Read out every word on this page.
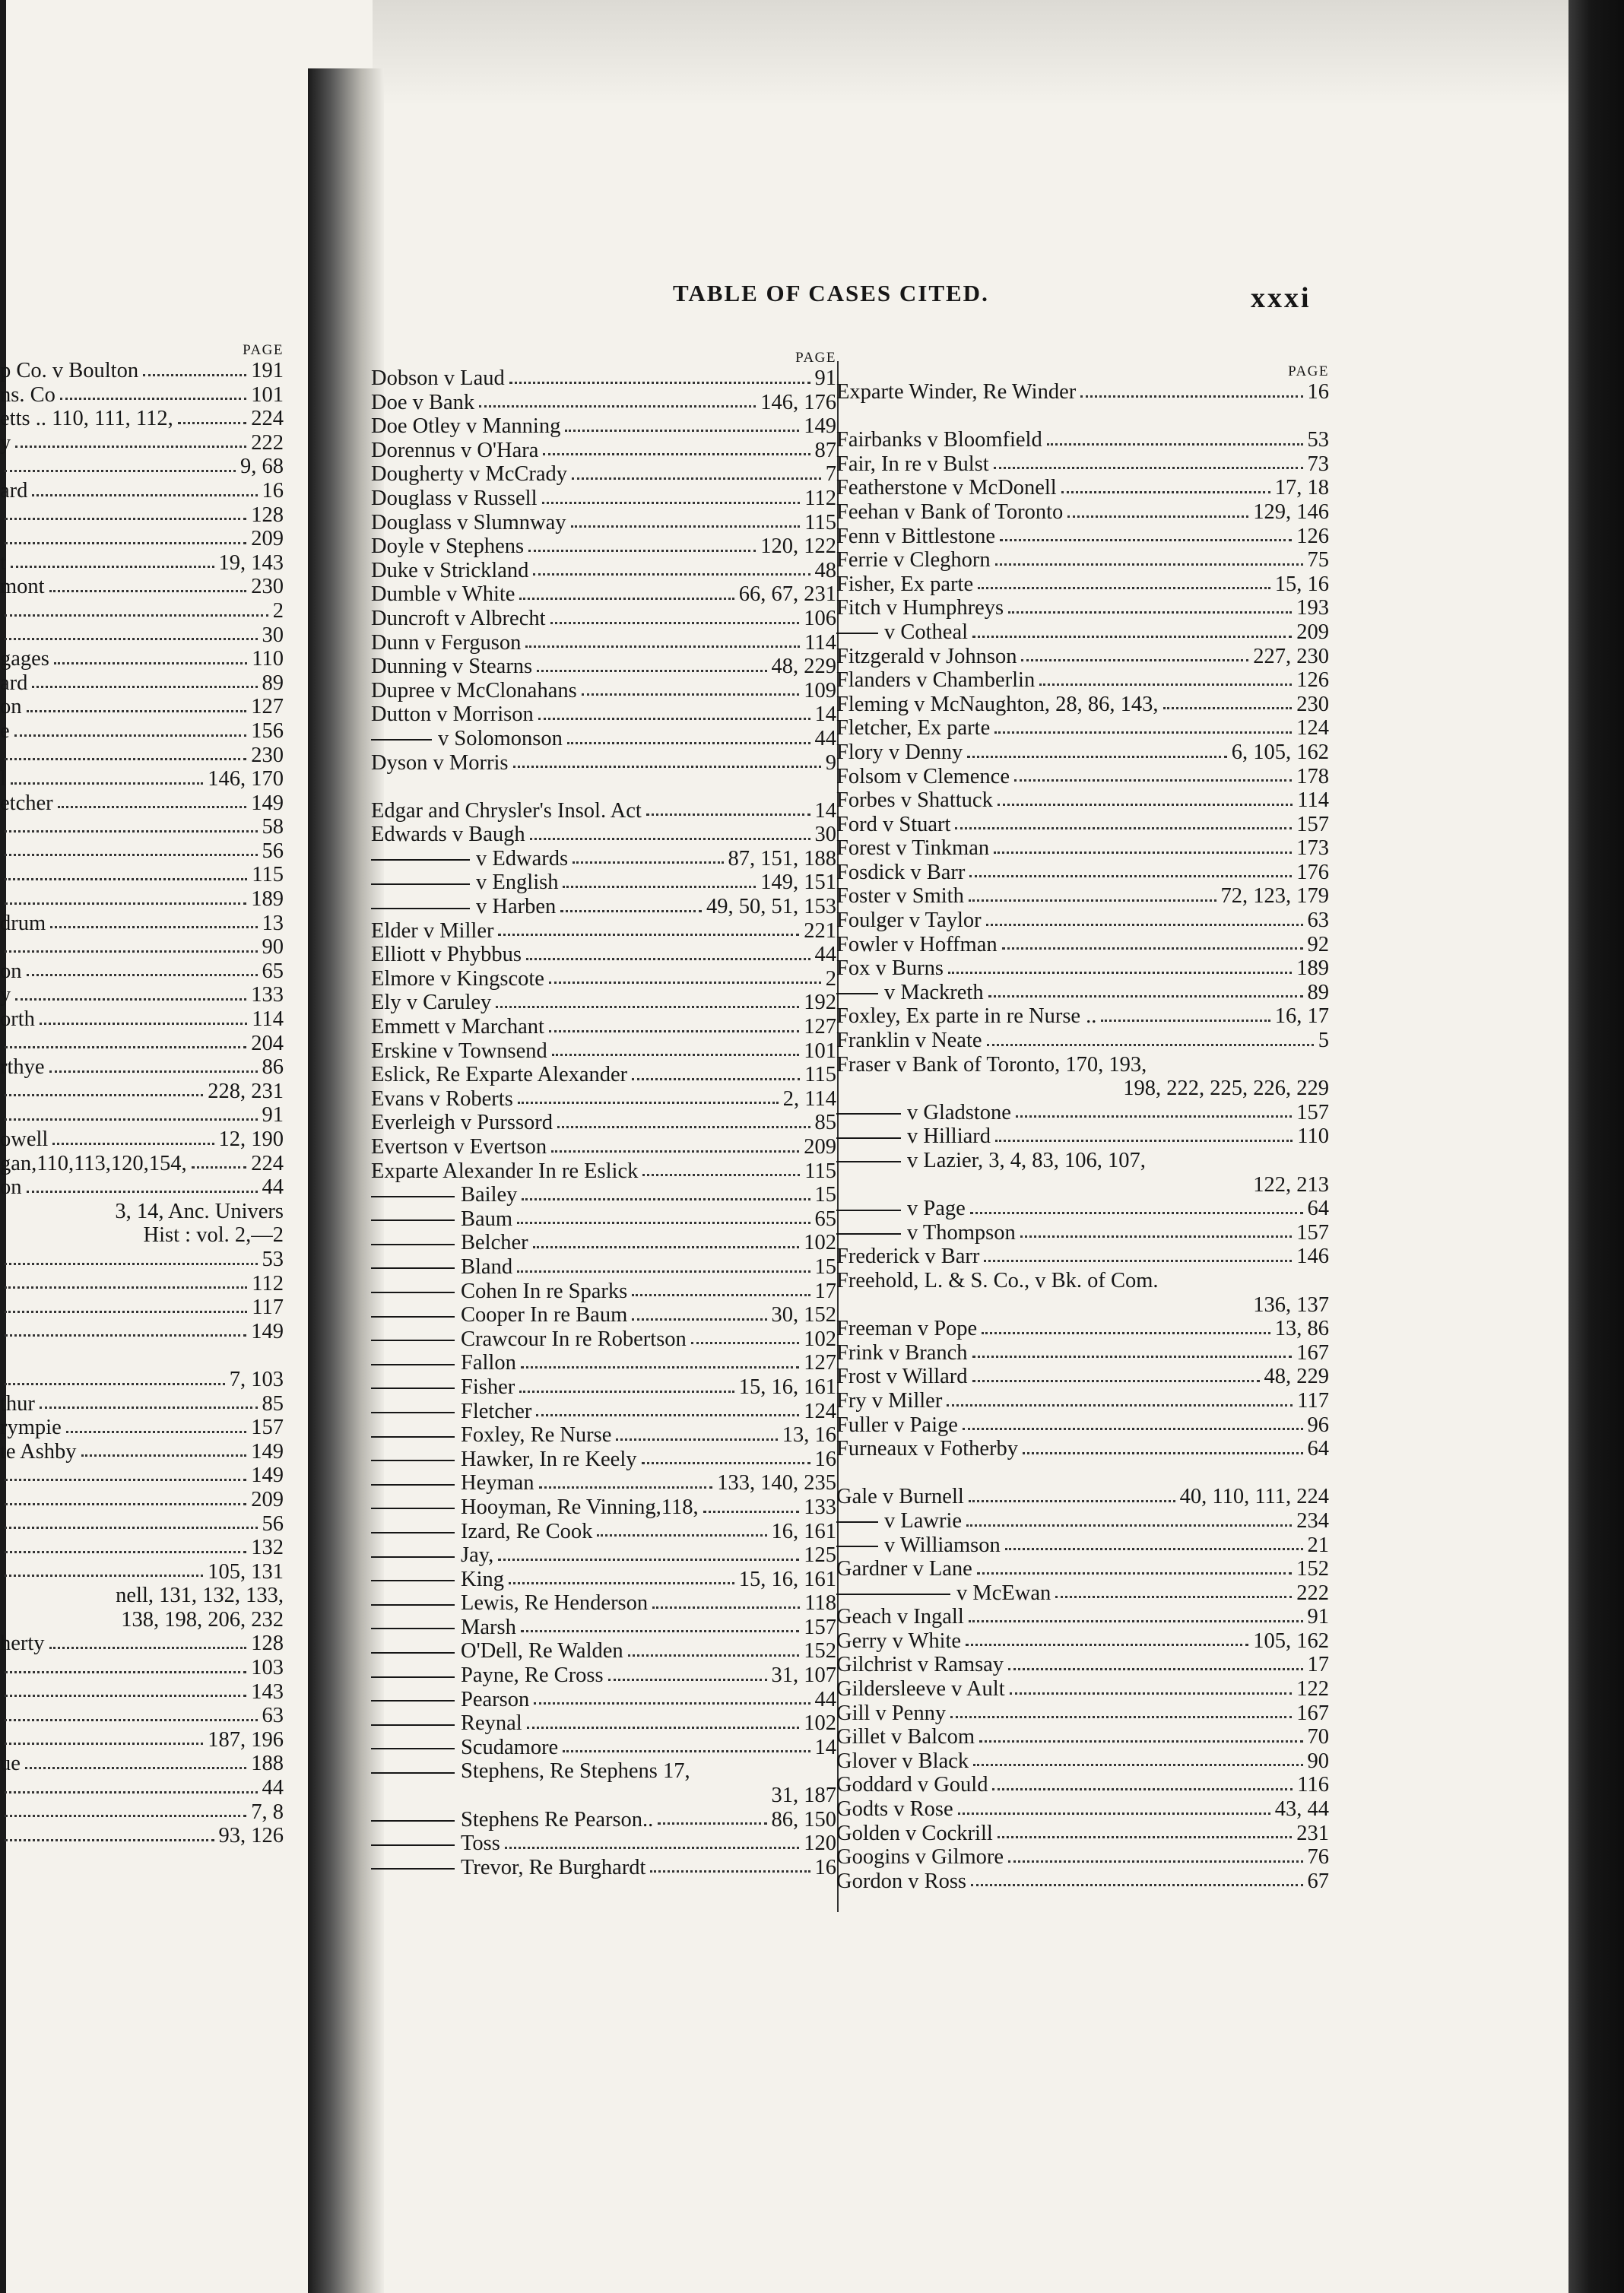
TABLE OF CASES CITED.	xxxi
PAGE
p Co. v Boulton	191
ns. Co	101
etts .. 110, 111, 112,	224
y	222
9, 68
ard	16
128
209
t	19, 143
mont	230
2
30
gages	110
ard	89
on	127
e	156
230
l	146, 170
etcher	149
58
56
115
189
drum	13
90
on	65
y	133
orth	114
204
rthye	86
228, 231
91
owell	12, 190
gan,110,113,120,154,	224
on	44
3, 14, Anc. Univers
Hist : vol. 2,—2
53
112
117
149
7, 103
thur	85
rympie	157
te Ashby	149
149
209
56
132
105, 131
nell, 131, 132, 133,
138, 198, 206, 232
herty	128
103
143
63
187, 196
ue	188
44
7, 8
93, 126
PAGE
Dobson v Laud	91
Doe v Bank	146, 176
Doe Otley v Manning	149
Dorennus v O'Hara	87
Dougherty v McCrady	7
Douglass v Russell	112
Douglass v Slumnway	115
Doyle v Stephens	120, 122
Duke v Strickland	48
Dumble v White	66, 67, 231
Duncroft v Albrecht	106
Dunn v Ferguson	114
Dunning v Stearns	48, 229
Dupree v McClonahans	109
Dutton v Morrison	14
v Solomonson	44
Dyson v Morris	9
Edgar and Chrysler's Insol. Act	14
Edwards v Baugh	30
v Edwards	87, 151, 188
v English	149, 151
v Harben	49, 50, 51, 153
Elder v Miller	221
Elliott v Phybbus	44
Elmore v Kingscote	2
Ely v Caruley	192
Emmett v Marchant	127
Erskine v Townsend	101
Eslick, Re Exparte Alexander	115
Evans v Roberts	2, 114
Everleigh v Purssord	85
Evertson v Evertson	209
Exparte Alexander In re Eslick	115
Bailey	15
Baum	65
Belcher	102
Bland	15
Cohen In re Sparks	17
Cooper In re Baum	30, 152
Crawcour In re Robertson	102
Fallon	127
Fisher	15, 16, 161
Fletcher	124
Foxley, Re Nurse	13, 16
Hawker, In re Keely	16
Heyman	133, 140, 235
Hooyman, Re Vinning,118,	133
Izard, Re Cook	16, 161
Jay,	125
King	15, 16, 161
Lewis, Re Henderson	118
Marsh	157
O'Dell, Re Walden	152
Payne, Re Cross	31, 107
Pearson	44
Reynal	102
Scudamore	14
Stephens, Re Stephens 17,
31, 187
Stephens Re Pearson..	86, 150
Toss	120
Trevor, Re Burghardt	16
PAGE
Exparte Winder, Re Winder	16
Fairbanks v Bloomfield	53
Fair, In re v Bulst	73
Featherstone v McDonell	17, 18
Feehan v Bank of Toronto	129, 146
Fenn v Bittlestone	126
Ferrie v Cleghorn	75
Fisher, Ex parte	15, 16
Fitch v Humphreys	193
v Cotheal	209
Fitzgerald v Johnson	227, 230
Flanders v Chamberlin	126
Fleming v McNaughton, 28, 86, 143,	230
Fletcher, Ex parte	124
Flory v Denny	6, 105, 162
Folsom v Clemence	178
Forbes v Shattuck	114
Ford v Stuart	157
Forest v Tinkman	173
Fosdick v Barr	176
Foster v Smith	72, 123, 179
Foulger v Taylor	63
Fowler v Hoffman	92
Fox v Burns	189
v Mackreth	89
Foxley, Ex parte in re Nurse ..	16, 17
Franklin v Neate	5
Fraser v Bank of Toronto, 170, 193,
198, 222, 225, 226, 229
v Gladstone	157
v Hilliard	110
v Lazier, 3, 4, 83, 106, 107,
122, 213
v Page	64
v Thompson	157
Frederick v Barr	146
Freehold, L. & S. Co., v Bk. of Com.
136, 137
Freeman v Pope	13, 86
Frink v Branch	167
Frost v Willard	48, 229
Fry v Miller	117
Fuller v Paige	96
Furneaux v Fotherby	64
Gale v Burnell	40, 110, 111, 224
v Lawrie	234
v Williamson	21
Gardner v Lane	152
v McEwan	222
Geach v Ingall	91
Gerry v White	105, 162
Gilchrist v Ramsay	17
Gildersleeve v Ault	122
Gill v Penny	167
Gillet v Balcom	70
Glover v Black	90
Goddard v Gould	116
Godts v Rose	43, 44
Golden v Cockrill	231
Googins v Gilmore	76
Gordon v Ross	67
